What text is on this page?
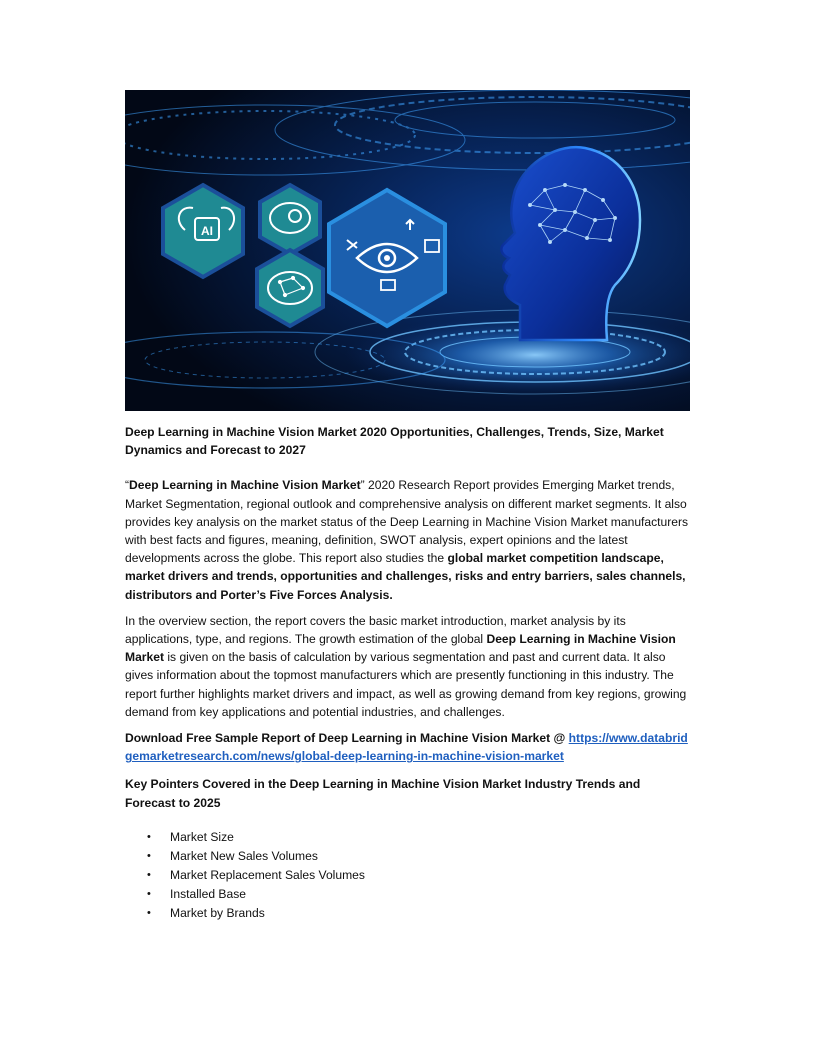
AI
Deep Learning in Machine Vision Market 2020 Opportunities, Challenges, Trends, Size, Market Dynamics and Forecast to 2027

“Deep Learning in Machine Vision Market” 2020 Research Report provides Emerging Market trends, Market Segmentation, regional outlook and comprehensive analysis on different market segments. It also provides key analysis on the market status of the Deep Learning in Machine Vision Market manufacturers with best facts and figures, meaning, definition, SWOT analysis, expert opinions and the latest developments across the globe. This report also studies the global market competition landscape, market drivers and trends, opportunities and challenges, risks and entry barriers, sales channels, distributors and Porter’s Five Forces Analysis.

In the overview section, the report covers the basic market introduction, market analysis by its applications, type, and regions. The growth estimation of the global Deep Learning in Machine Vision Market is given on the basis of calculation by various segmentation and past and current data. It also gives information about the topmost manufacturers which are presently functioning in this industry. The report further highlights market drivers and impact, as well as growing demand from key regions, growing demand from key applications and potential industries, and challenges.

Download Free Sample Report of Deep Learning in Machine Vision Market @ https://www.databridgemarketresearch.com/news/global-deep-learning-in-machine-vision-market
Key Pointers Covered in the Deep Learning in Machine Vision Market Industry Trends and Forecast to 2025
• Market Size
• Market New Sales Volumes
• Market Replacement Sales Volumes
• Installed Base
• Market by Brands
